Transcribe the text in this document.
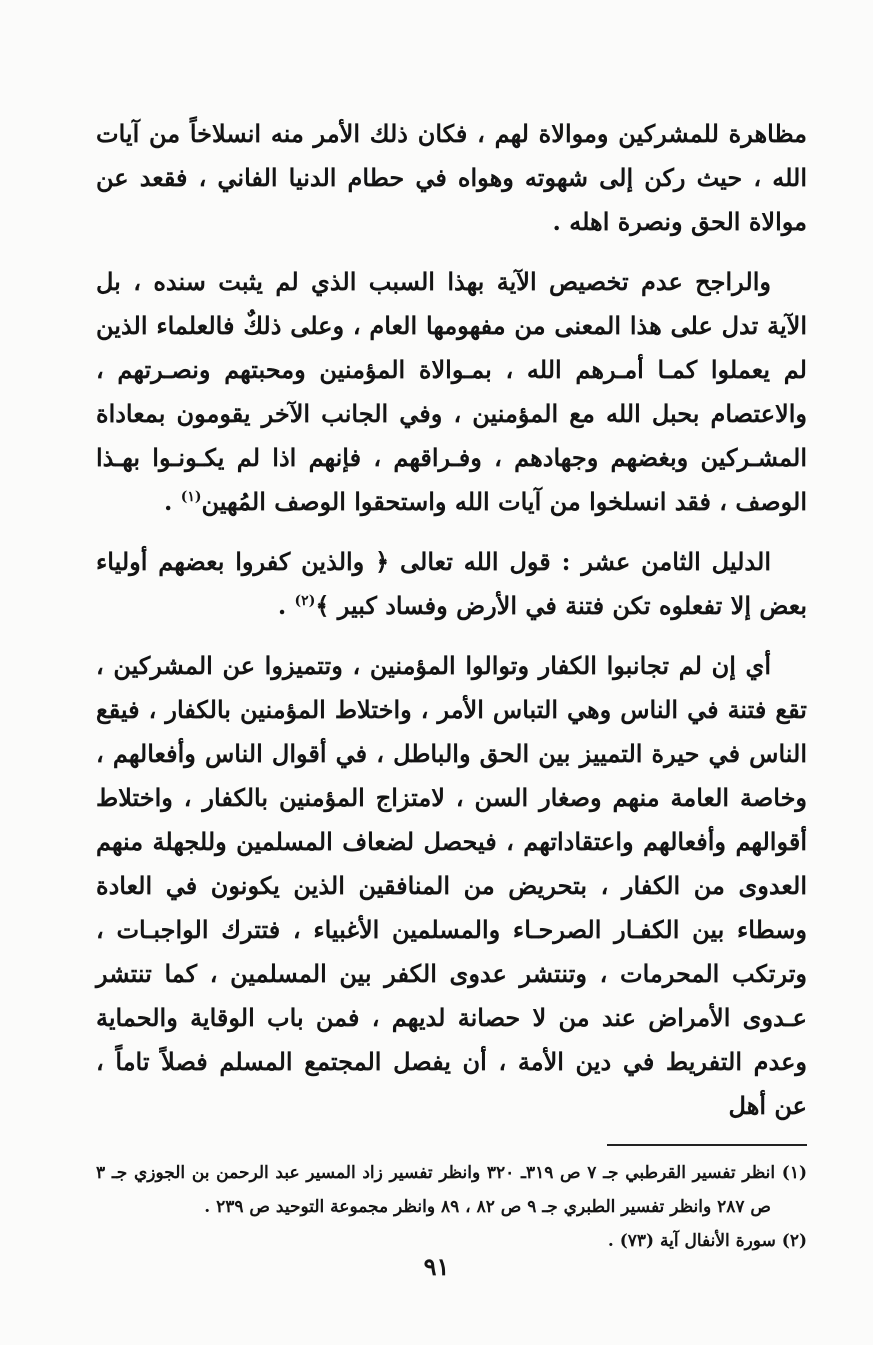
مظاهرة للمشركين وموالاة لهم ، فكان ذلك الأمر منه انسلاخاً من آيات الله ، حيث ركن إلى شهوته وهواه في حطام الدنيا الفاني ، فقعد عن موالاة الحق ونصرة اهله .

والراجح عدم تخصيص الآية بهذا السبب الذي لم يثبت سنده ، بل الآية تدل على هذا المعنى من مفهومها العام ، وعلى ذلكٌ فالعلماء الذين لم يعملوا كمـا أمـرهم الله ، بمـوالاة المؤمنين ومحبتهم ونصـرتهم ، والاعتصام بحبل الله مع المؤمنين ، وفي الجانب الآخر يقومون بمعاداة المشـركين وبغضهم وجهادهم ، وفـراقهم ، فإنهم اذا لم يكـونـوا بهـذا الوصف ، فقد انسلخوا من آيات الله واستحقوا الوصف المُهين$^{(١)}$ .

الدليل الثامن عشر : قول الله تعالى ﴿ والذين كفروا بعضهم أولياء بعض إلا تفعلوه تكن فتنة في الأرض وفساد كبير ﴾$^{(٢)}$ .

أي إن لم تجانبوا الكفار وتوالوا المؤمنين ، وتتميزوا عن المشركين ، تقع فتنة في الناس وهي التباس الأمر ، واختلاط المؤمنين بالكفار ، فيقع الناس في حيرة التمييز بين الحق والباطل ، في أقوال الناس وأفعالهم ، وخاصة العامة منهم وصغار السن ، لامتزاج المؤمنين بالكفار ، واختلاط أقوالهم وأفعالهم واعتقاداتهم ، فيحصل لضعاف المسلمين وللجهلة منهم العدوى من الكفار ، بتحريض من المنافقين الذين يكونون في العادة وسطاء بين الكفـار الصرحـاء والمسلمين الأغبياء ، فتترك الواجبـات ، وترتكب المحرمات ، وتنتشر عدوى الكفر بين المسلمين ، كما تنتشر عـدوى الأمراض عند من لا حصانة لديهم ، فمن باب الوقاية والحماية وعدم التفريط في دين الأمة ، أن يفصل المجتمع المسلم فصلاً تاماً ، عن أهل

(١) انظر تفسير القرطبي جـ ٧ ص ٣١٩ـ ٣٢٠ وانظر تفسير زاد المسير عبد الرحمن بن الجوزي جـ ٣ ص ٢٨٧ وانظر تفسير الطبري جـ ٩ ص ٨٢ ، ٨٩ وانظر مجموعة التوحيد ص ٢٣٩ .

(٢) سورة الأنفال آية (٧٣) .

٩١
